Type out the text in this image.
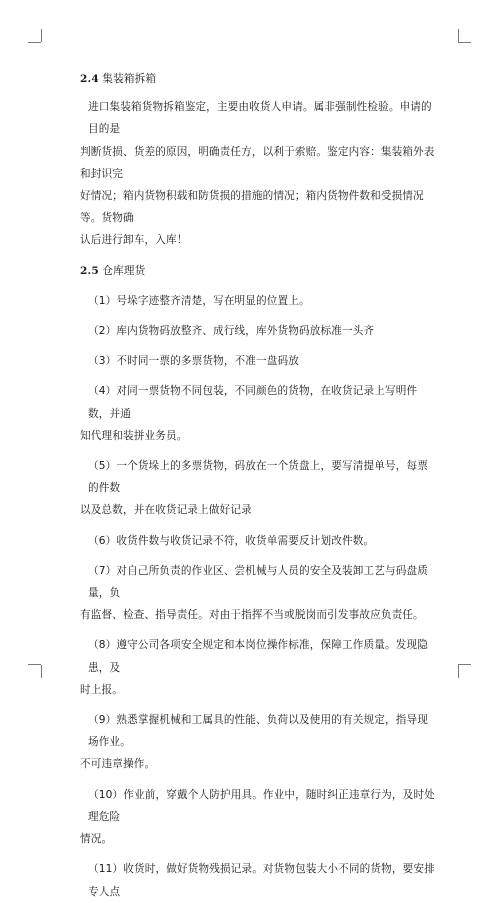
2.4 集装箱拆箱
进口集装箱货物拆箱鉴定，主要由收货人申请。属非强制性检验。申请的目的是
判断货损、货差的原因，明确责任方，以利于索赔。鉴定内容：集装箱外表和封识完
好情况；箱内货物积载和防货损的措施的情况；箱内货物件数和受损情况等。货物确
认后进行卸车，入库！
2.5 仓库理货
（1）号垛字迹整齐清楚，写在明显的位置上。
（2）库内货物码放整齐、成行线，库外货物码放标准一头齐
（3）不时同一票的多票货物，不准一盘码放
（4）对同一票货物不同包装，不同颜色的货物，在收货记录上写明件数，并通
知代理和装拼业务员。
（5）一个货垛上的多票货物，码放在一个货盘上，要写清提单号，每票的件数
以及总数，并在收货记录上做好记录
（6）收货件数与收货记录不符，收货单需要反计划改件数。
（7）对自己所负责的作业区、尝机械与人员的安全及装卸工艺与码盘质量，负
有监督、检查、指导责任。对由于指挥不当或脱岗而引发事故应负责任。
（8）遵守公司各项安全规定和本岗位操作标准，保障工作质量。发现隐患，及
时上报。
（9）熟悉掌握机械和工属具的性能、负荷以及使用的有关规定，指导现场作业。
不可违章操作。
（10）作业前，穿戴个人防护用具。作业中，随时纠正违章行为，及时处理危险
情况。
（11）收货时，做好货物残损记录。对货物包装大小不同的货物，要安排专人点
